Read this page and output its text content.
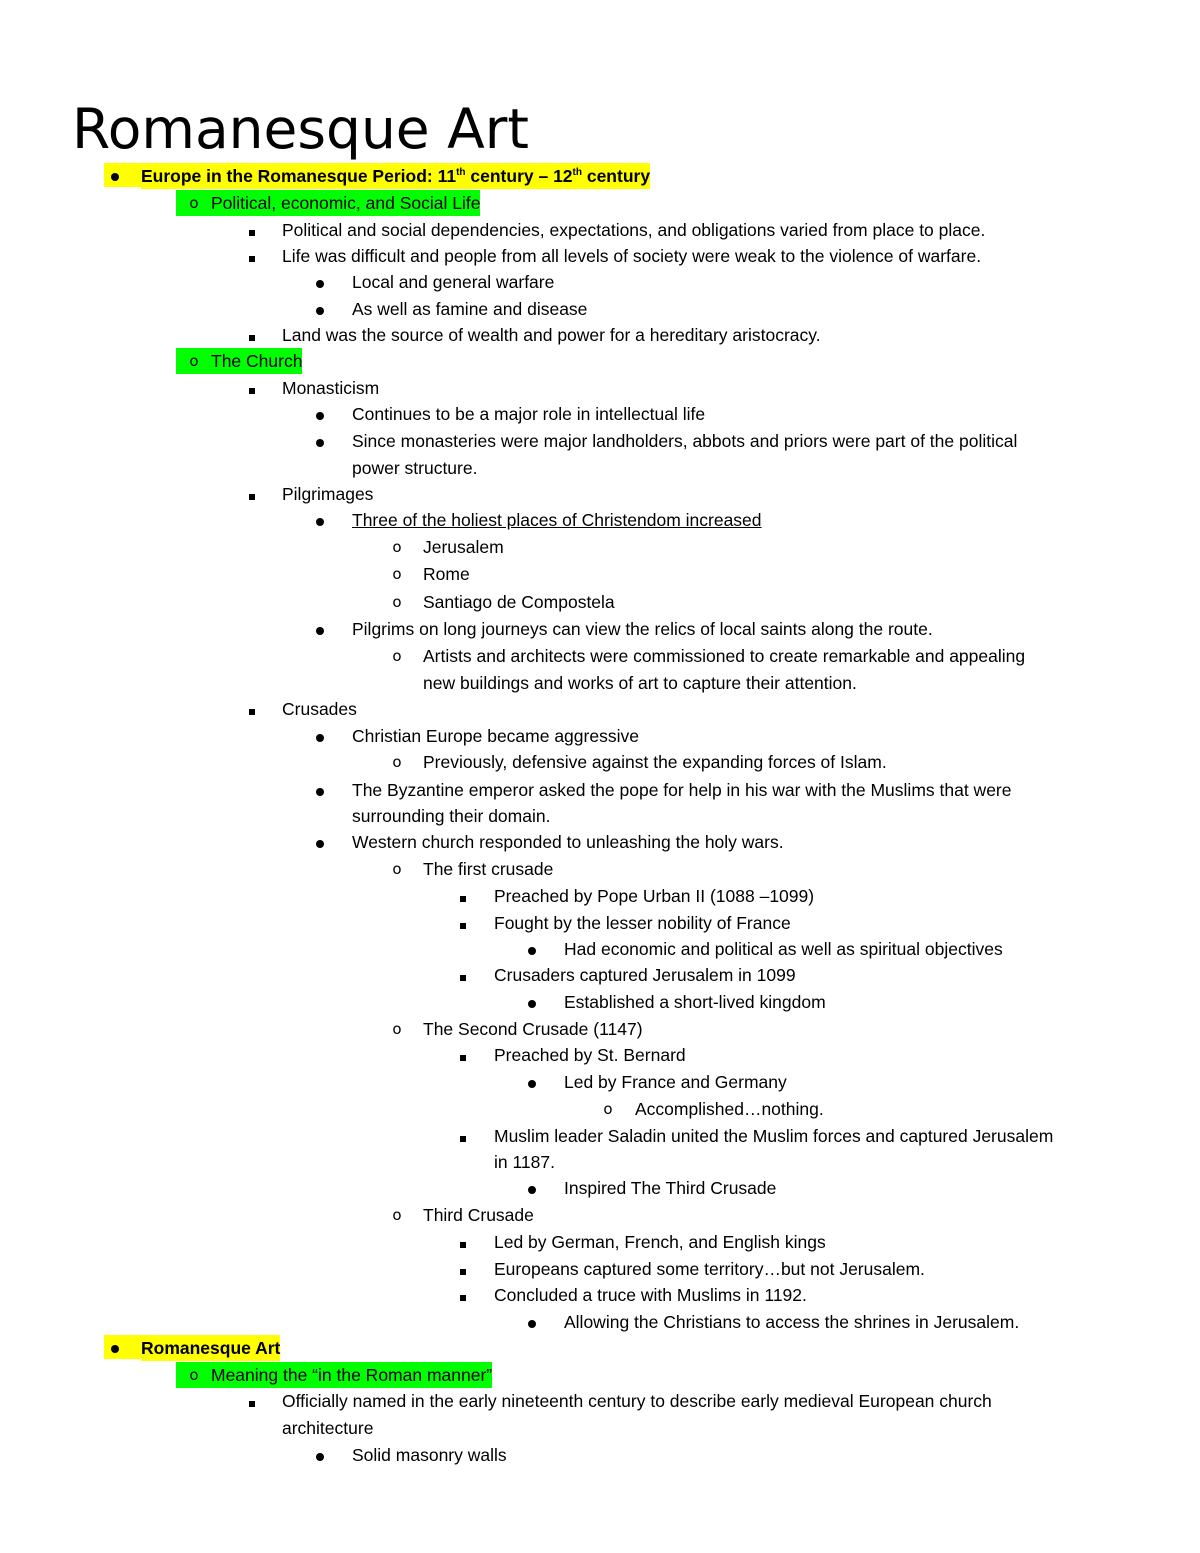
Romanesque Art
Europe in the Romanesque Period: 11th century – 12th century
o Political, economic, and Social Life
Political and social dependencies, expectations, and obligations varied from place to place.
Life was difficult and people from all levels of society were weak to the violence of warfare.
Local and general warfare
As well as famine and disease
Land was the source of wealth and power for a hereditary aristocracy.
o The Church
Monasticism
Continues to be a major role in intellectual life
Since monasteries were major landholders, abbots and priors were part of the political
power structure.
Pilgrimages
Three of the holiest places of Christendom increased
o	Jerusalem
o	Rome
o	Santiago de Compostela
Pilgrims on long journeys can view the relics of local saints along the route.
o	Artists and architects were commissioned to create remarkable and appealing
new buildings and works of art to capture their attention.
Crusades
Christian Europe became aggressive
o	Previously, defensive against the expanding forces of Islam.
The Byzantine emperor asked the pope for help in his war with the Muslims that were
surrounding their domain.
Western church responded to unleashing the holy wars.
o	The first crusade
Preached by Pope Urban II (1088 –1099)
Fought by the lesser nobility of France
Had economic and political as well as spiritual objectives
Crusaders captured Jerusalem in 1099
Established a short-lived kingdom
o	The Second Crusade (1147)
Preached by St. Bernard
Led by France and Germany
o	Accomplished…nothing.
Muslim leader Saladin united the Muslim forces and captured Jerusalem
in 1187.
Inspired The Third Crusade
o	Third Crusade
Led by German, French, and English kings
Europeans captured some territory…but not Jerusalem.
Concluded a truce with Muslims in 1192.
Allowing the Christians to access the shrines in Jerusalem.
Romanesque Art
o Meaning the “in the Roman manner”
Officially named in the early nineteenth century to describe early medieval European church
architecture
Solid masonry walls
